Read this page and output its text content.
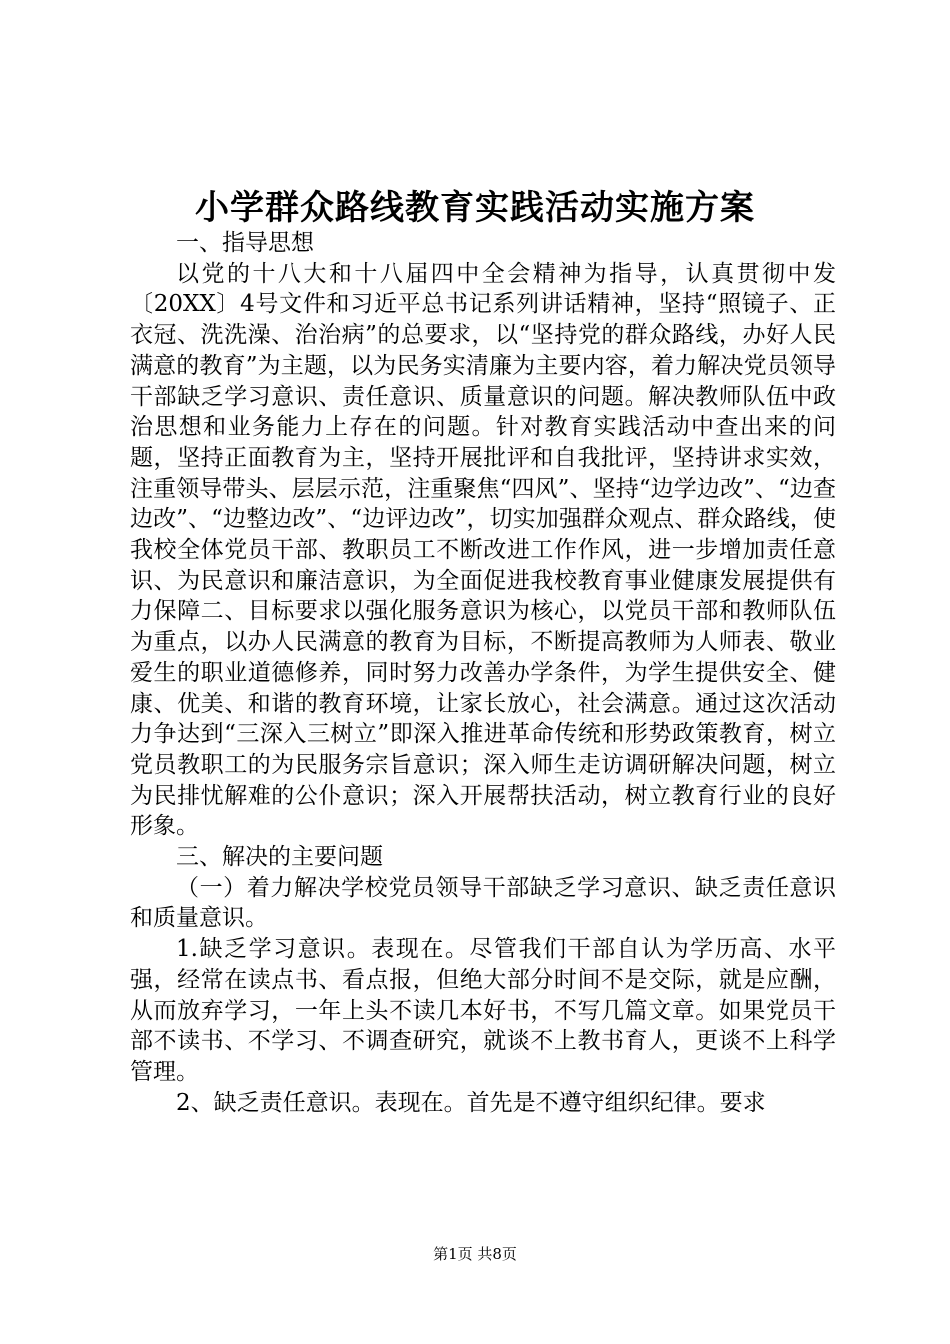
小学群众路线教育实践活动实施方案

一、指导思想

以党的十八大和十八届四中全会精神为指导，认真贯彻中发〔20XX〕4号文件和习近平总书记系列讲话精神，坚持“照镜子、正衣冠、洗洗澡、治治病”的总要求，以“坚持党的群众路线，办好人民满意的教育”为主题，以为民务实清廉为主要内容，着力解决党员领导干部缺乏学习意识、责任意识、质量意识的问题。解决教师队伍中政治思想和业务能力上存在的问题。针对教育实践活动中查出来的问题，坚持正面教育为主，坚持开展批评和自我批评，坚持讲求实效，注重领导带头、层层示范，注重聚焦“四风”、坚持“边学边改”、“边查边改”、“边整边改”、“边评边改”，切实加强群众观点、群众路线，使我校全体党员干部、教职员工不断改进工作作风，进一步增加责任意识、为民意识和廉洁意识，为全面促进我校教育事业健康发展提供有力保障二、目标要求以强化服务意识为核心，以党员干部和教师队伍为重点，以办人民满意的教育为目标，不断提高教师为人师表、敬业爱生的职业道德修养，同时努力改善办学条件，为学生提供安全、健康、优美、和谐的教育环境，让家长放心，社会满意。通过这次活动力争达到“三深入三树立”即深入推进革命传统和形势政策教育，树立党员教职工的为民服务宗旨意识；深入师生走访调研解决问题，树立为民排忧解难的公仆意识；深入开展帮扶活动，树立教育行业的良好形象。

三、解决的主要问题

（一）着力解决学校党员领导干部缺乏学习意识、缺乏责任意识和质量意识。

1.缺乏学习意识。表现在。尽管我们干部自认为学历高、水平强，经常在读点书、看点报，但绝大部分时间不是交际，就是应酬，从而放弃学习，一年上头不读几本好书，不写几篇文章。如果党员干部不读书、不学习、不调查研究，就谈不上教书育人，更谈不上科学管理。

2、缺乏责任意识。表现在。首先是不遵守组织纪律。要求

第1页 共8页
